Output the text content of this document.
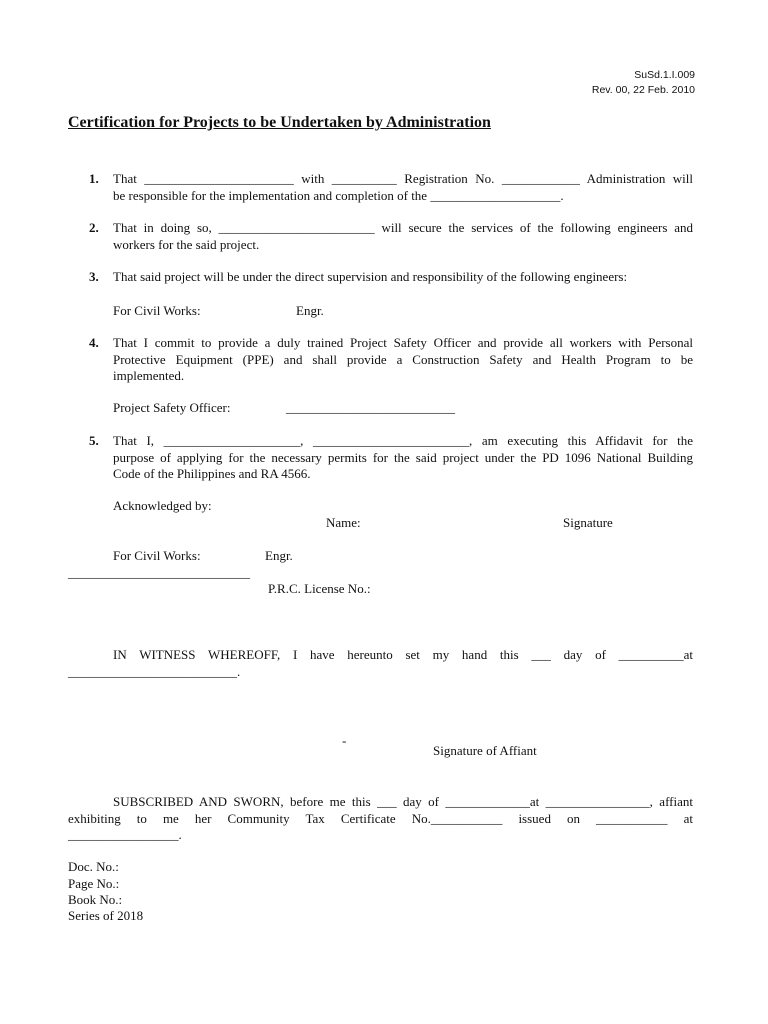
SuSd.1.I.009
Rev. 00, 22 Feb. 2010
Certification for Projects to be Undertaken by Administration
1. That _______________________ with __________ Registration No. ____________ Administration will
be responsible for the implementation and completion of the ____________________.
2. That in doing so, ________________________ will secure the services of the following engineers and
workers for the said project.
3. That said project will be under the direct supervision and responsibility of the following engineers:
For Civil Works:	Engr.
4. That I commit to provide a duly trained Project Safety Officer and provide all workers with Personal
Protective Equipment (PPE) and shall provide a Construction Safety and Health Program to be
implemented.
Project Safety Officer:	__________________________
5. That I, _____________________, ________________________, am executing this Affidavit for the
purpose of applying for the necessary permits for the said project under the PD 1096 National Building
Code of the Philippines and RA 4566.
Acknowledged by:
Name:	Signature
For Civil Works:	Engr.
____________________________
P.R.C. License No.:
IN WITNESS WHEREOFF, I have hereunto set my hand this ___ day of __________at
__________________________.
-
Signature of Affiant
SUBSCRIBED AND SWORN, before me this ___ day of _____________at ________________, affiant
exhibiting to me her Community Tax Certificate No.___________ issued on ___________ at
_________________.
Doc. No.:
Page No.:
Book No.:
Series of 2018
